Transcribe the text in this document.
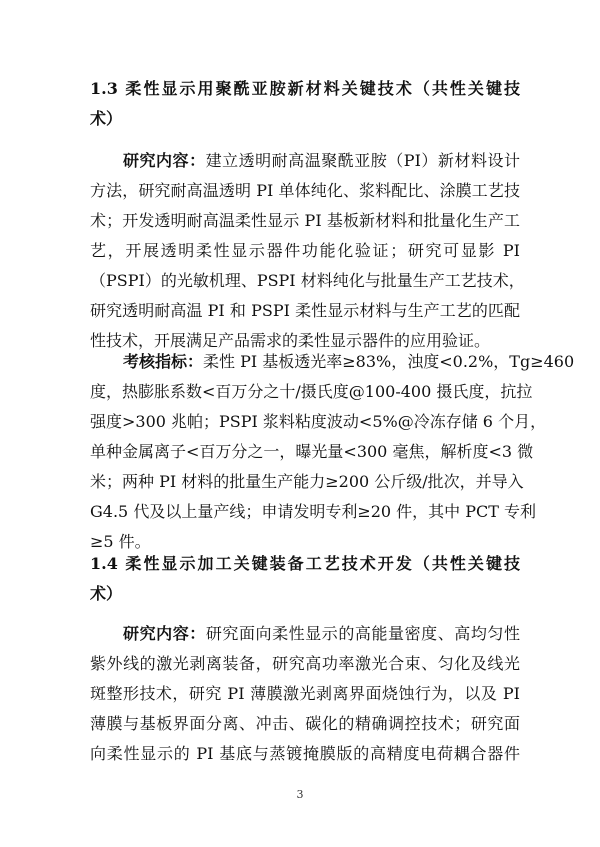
1.3 柔性显示用聚酰亚胺新材料关键技术（共性关键技
术）
研究内容：建立透明耐高温聚酰亚胺（PI）新材料设计
方法，研究耐高温透明 PI 单体纯化、浆料配比、涂膜工艺技
术；开发透明耐高温柔性显示 PI 基板新材料和批量化生产工
艺，开展透明柔性显示器件功能化验证；研究可显影 PI
（PSPI）的光敏机理、PSPI 材料纯化与批量生产工艺技术，
研究透明耐高温 PI 和 PSPI 柔性显示材料与生产工艺的匹配
性技术，开展满足产品需求的柔性显示器件的应用验证。
考核指标：柔性 PI 基板透光率≥83%，浊度<0.2%，Tg≥460
度，热膨胀系数<百万分之十/摄氏度@100-400 摄氏度，抗拉
强度>300 兆帕；PSPI 浆料粘度波动<5%@冷冻存储 6 个月，
单种金属离子<百万分之一，曝光量<300 毫焦，解析度<3 微
米；两种 PI 材料的批量生产能力≥200 公斤级/批次，并导入
G4.5 代及以上量产线；申请发明专利≥20 件，其中 PCT 专利
≥5 件。
1.4 柔性显示加工关键装备工艺技术开发（共性关键技
术）
研究内容：研究面向柔性显示的高能量密度、高均匀性
紫外线的激光剥离装备，研究高功率激光合束、匀化及线光
斑整形技术，研究 PI 薄膜激光剥离界面烧蚀行为，以及 PI
薄膜与基板界面分离、冲击、碳化的精确调控技术；研究面
向柔性显示的 PI 基底与蒸镀掩膜版的高精度电荷耦合器件
3
